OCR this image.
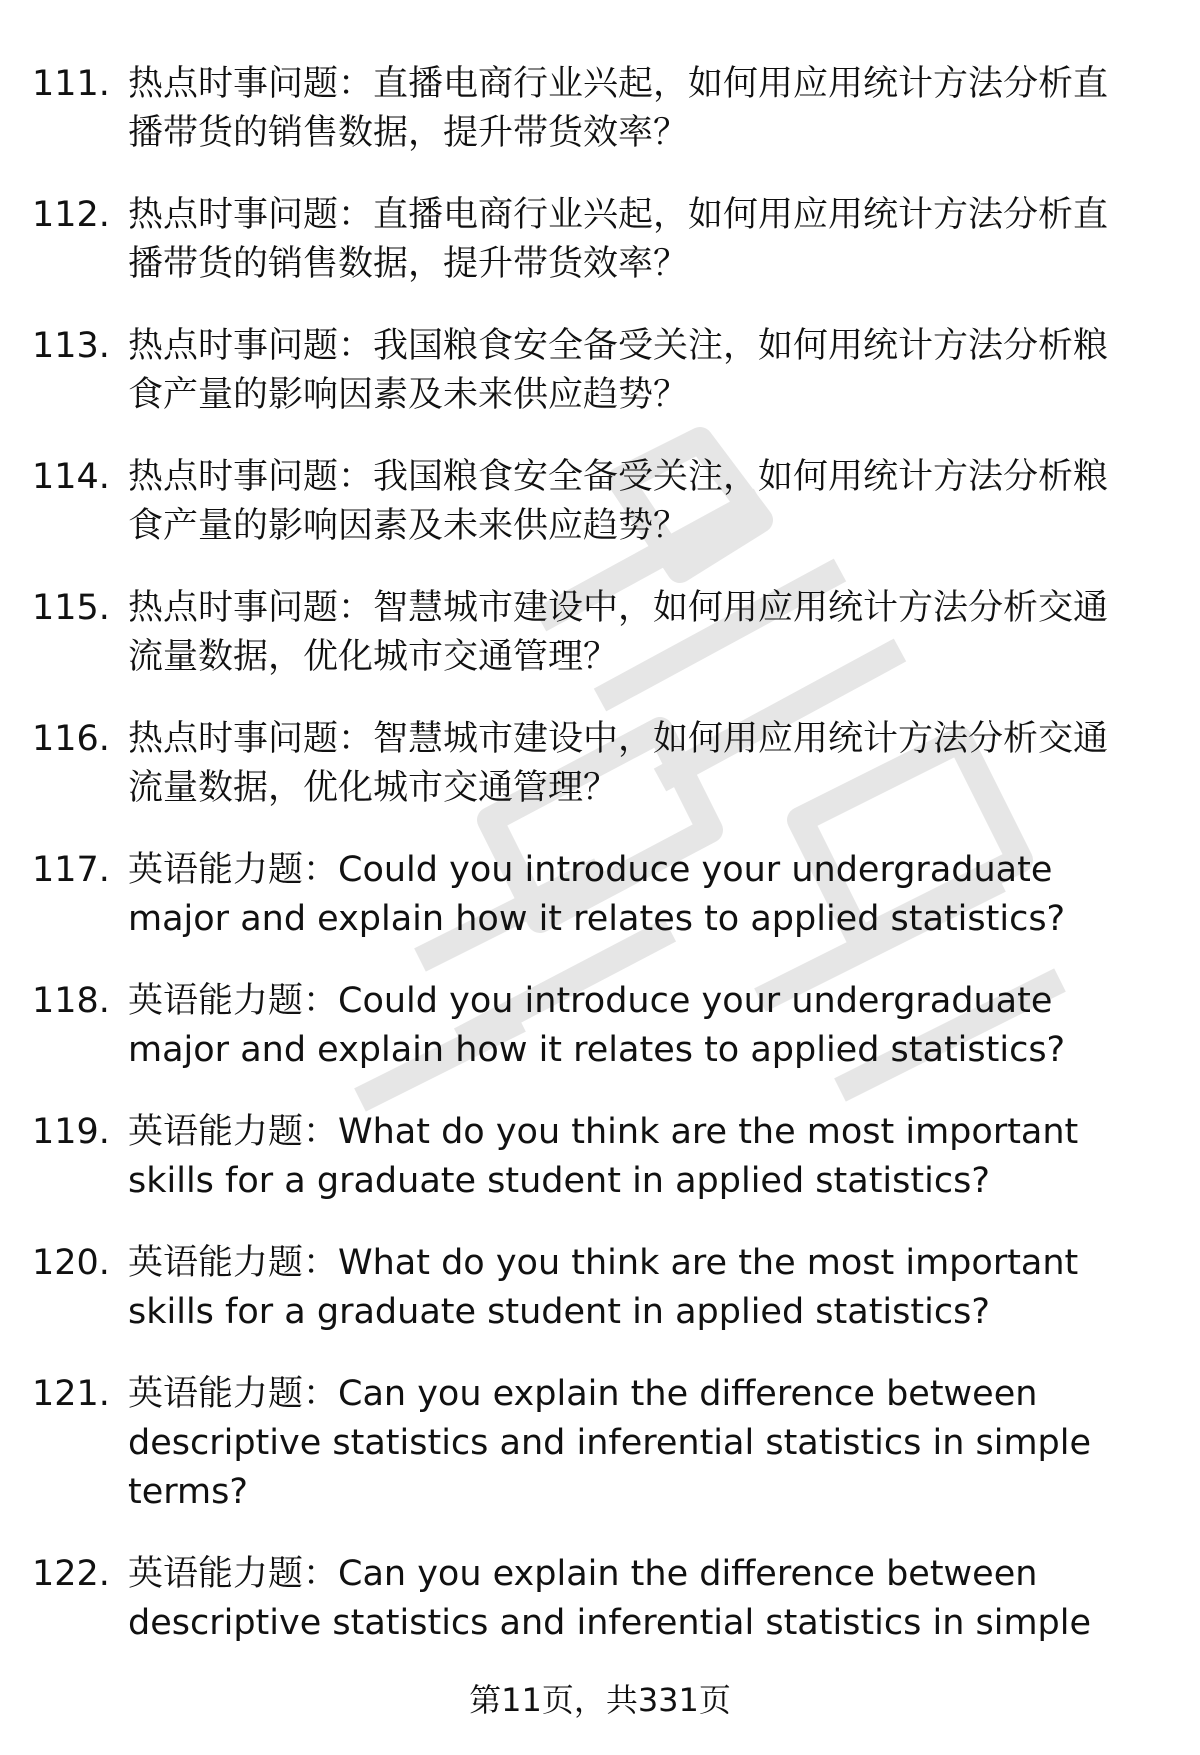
111. 热点时事问题：直播电商行业兴起，如何用应用统计方法分析直播带货的销售数据，提升带货效率？
112. 热点时事问题：直播电商行业兴起，如何用应用统计方法分析直播带货的销售数据，提升带货效率？
113. 热点时事问题：我国粮食安全备受关注，如何用统计方法分析粮食产量的影响因素及未来供应趋势？
114. 热点时事问题：我国粮食安全备受关注，如何用统计方法分析粮食产量的影响因素及未来供应趋势？
115. 热点时事问题：智慧城市建设中，如何用应用统计方法分析交通流量数据，优化城市交通管理？
116. 热点时事问题：智慧城市建设中，如何用应用统计方法分析交通流量数据，优化城市交通管理？
117. 英语能力题：Could you introduce your undergraduate major and explain how it relates to applied statistics?
118. 英语能力题：Could you introduce your undergraduate major and explain how it relates to applied statistics?
119. 英语能力题：What do you think are the most important skills for a graduate student in applied statistics?
120. 英语能力题：What do you think are the most important skills for a graduate student in applied statistics?
121. 英语能力题：Can you explain the difference between descriptive statistics and inferential statistics in simple terms?
122. 英语能力题：Can you explain the difference between descriptive statistics and inferential statistics in simple
第11页，共331页
